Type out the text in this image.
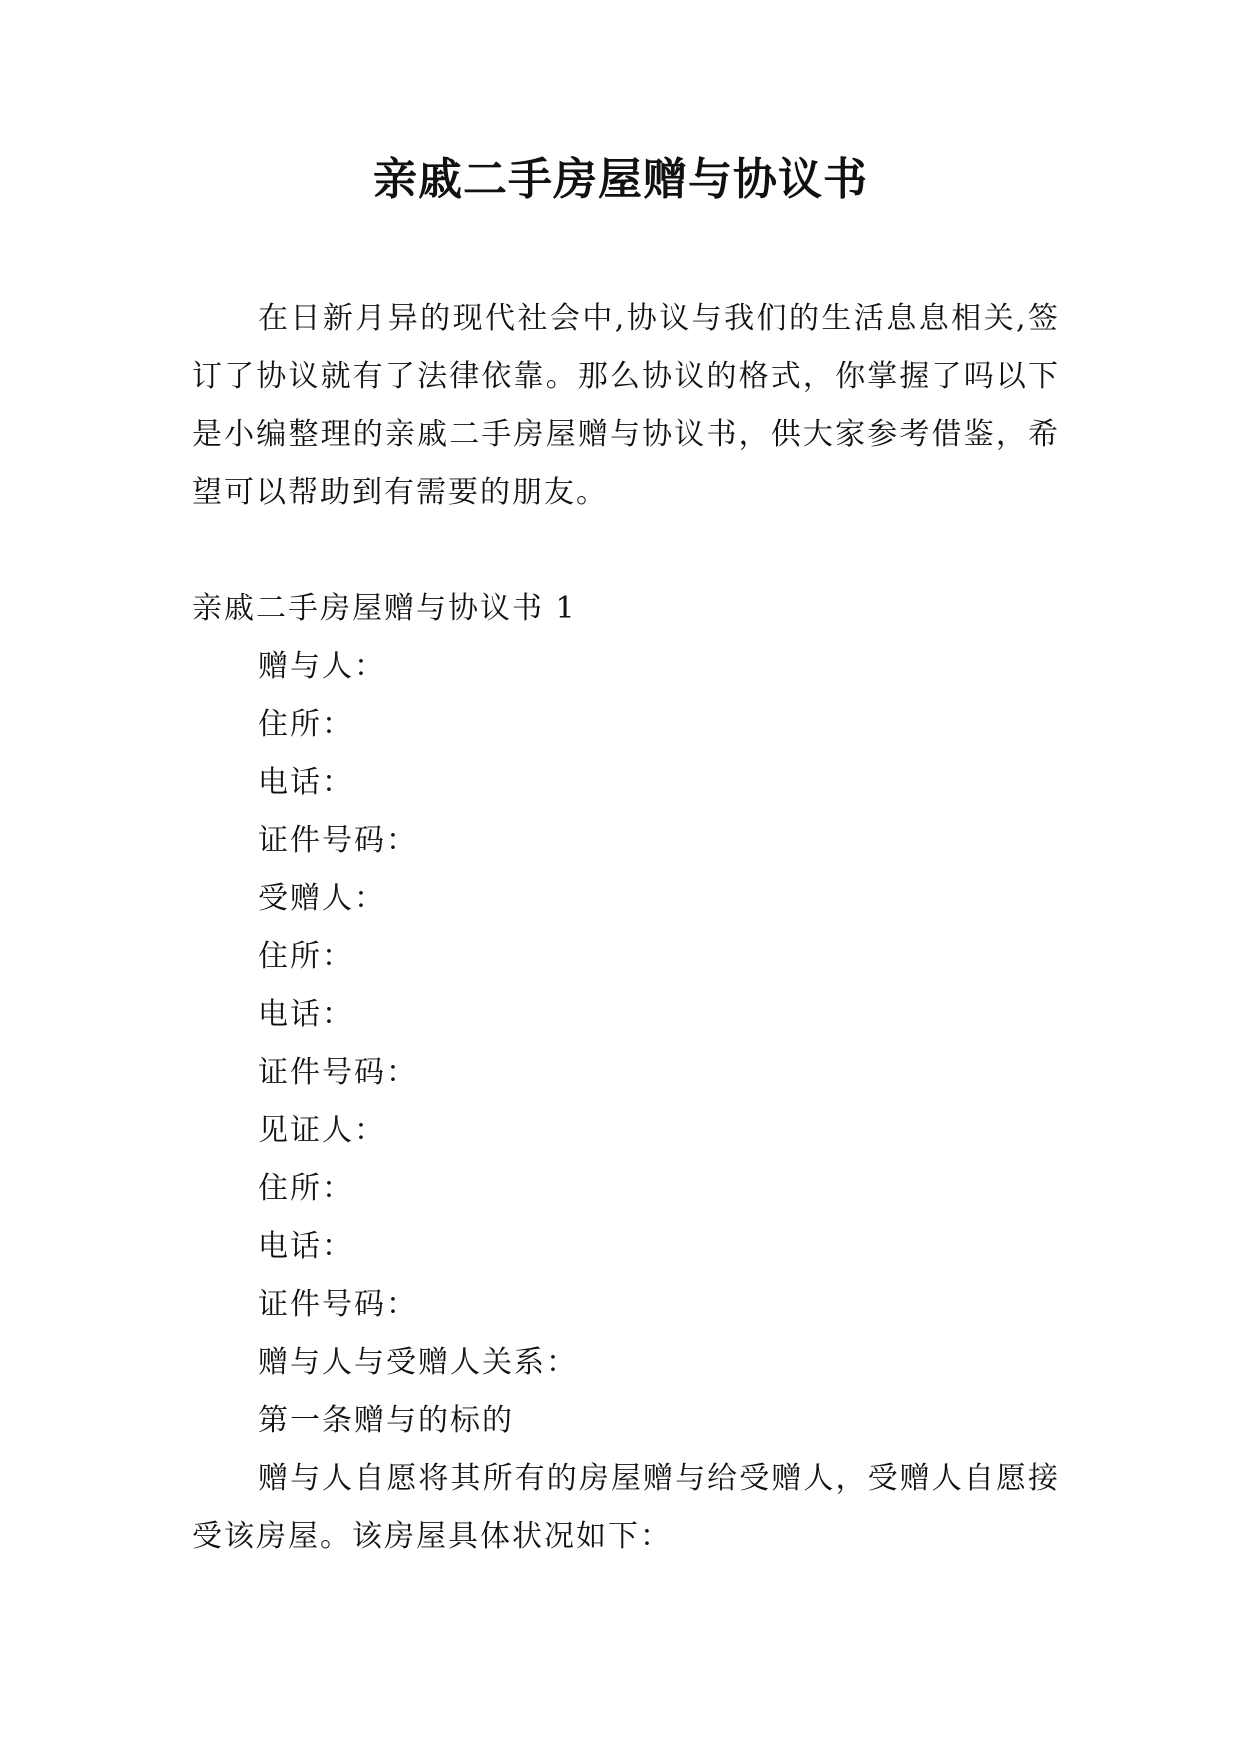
亲戚二手房屋赠与协议书

在日新月异的现代社会中,协议与我们的生活息息相关,签订了协议就有了法律依靠。那么协议的格式，你掌握了吗以下是小编整理的亲戚二手房屋赠与协议书，供大家参考借鉴，希望可以帮助到有需要的朋友。

亲戚二手房屋赠与协议书 1

赠与人：
住所：
电话：
证件号码：
受赠人：
住所：
电话：
证件号码：
见证人：
住所：
电话：
证件号码：
赠与人与受赠人关系：
第一条赠与的标的

赠与人自愿将其所有的房屋赠与给受赠人，受赠人自愿接受该房屋。该房屋具体状况如下：
